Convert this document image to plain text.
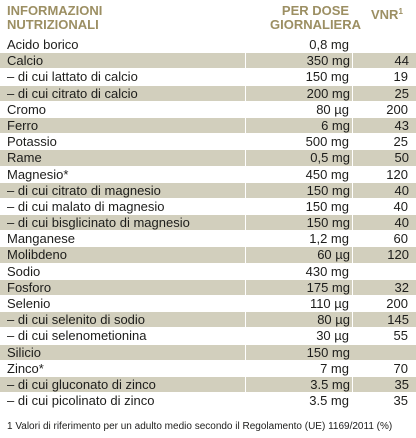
INFORMAZIONI
NUTRIZIONALI
PER DOSE
GIORNALIERA
VNR$^1$
Acido borico	0,8 mg
Calcio	350 mg	44
– di cui lattato di calcio	150 mg	19
– di cui citrato di calcio	200 mg	25
Cromo	80 µg	200
Ferro	6 mg	43
Potassio	500 mg	25
Rame	0,5 mg	50
Magnesio*	450 mg	120
– di cui citrato di magnesio	150 mg	40
– di cui malato di magnesio	150 mg	40
– di cui bisglicinato di magnesio	150 mg	40
Manganese	1,2 mg	60
Molibdeno	60 µg	120
Sodio	430 mg
Fosforo	175 mg	32
Selenio	110 µg	200
– di cui selenito di sodio	80 µg	145
– di cui selenometionina	30 µg	55
Silicio	150 mg
Zinco*	7 mg	70
– di cui gluconato di zinco	3.5 mg	35
– di cui picolinato di zinco	3.5 mg	35
1 Valori di riferimento per un adulto medio secondo il Regolamento (UE) 1169/2011 (%)
